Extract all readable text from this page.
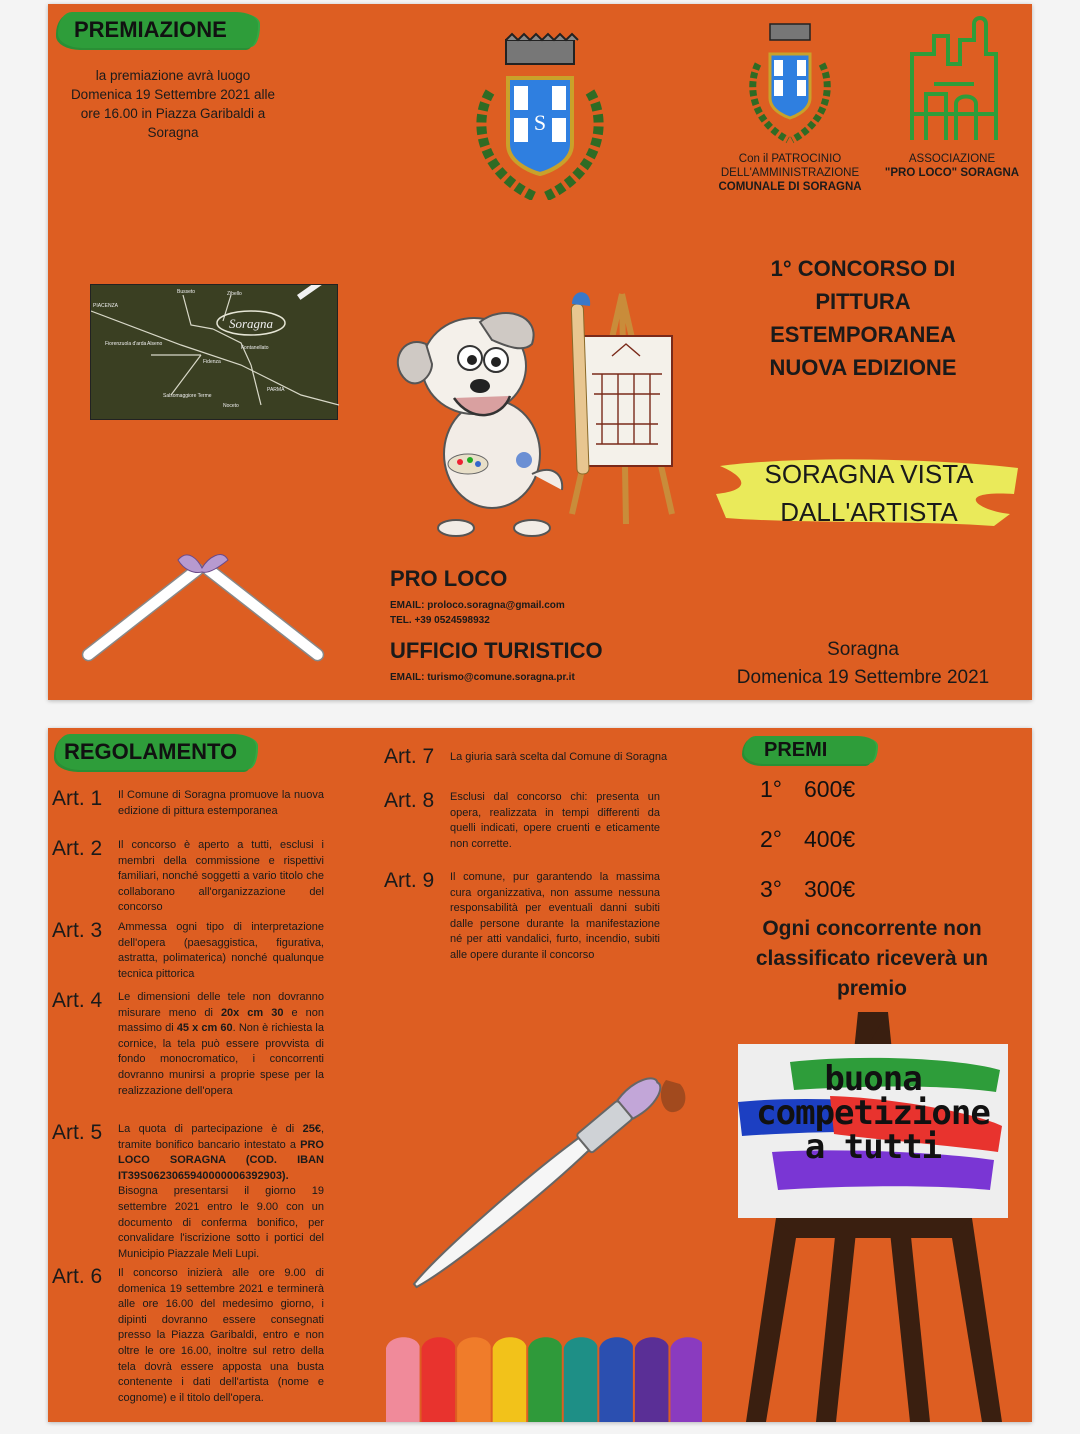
PREMIAZIONE
la premiazione avrà luogo
Domenica 19 Settembre 2021 alle
ore 16.00 in Piazza Garibaldi a
Soragna	S
Con il PATROCINIO
DELL'AMMINISTRAZIONE
COMUNALE DI SORAGNA
ASSOCIAZIONE
"PRO LOCO" SORAGNA
1° CONCORSO DI
PITTURA
ESTEMPORANEA
NUOVA EDIZIONE
Soragna
Busseto	Zibello
PIACENZA
Fiorenzuola d'arda Alseno
Fontanellato
Fidenza
Salsomaggiore Terme
Noceto
PARMA
SORAGNA VISTA
DALL'ARTISTA
PRO LOCO
EMAIL: proloco.soragna@gmail.com
TEL. +39 0524598932
UFFICIO TURISTICO
EMAIL: turismo@comune.soragna.pr.it
Soragna
Domenica 19 Settembre 2021
REGOLAMENTO
Art. 1	Il Comune di Soragna promuove la nuova edizione di pittura estemporanea
Art. 2	Il concorso è aperto a tutti, esclusi i membri della commissione e rispettivi familiari, nonché soggetti a vario titolo che collaborano all'organizzazione del concorso
Art. 3	Ammessa ogni tipo di interpretazione dell'opera (paesaggistica, figurativa, astratta, polimaterica) nonché qualunque tecnica pittorica
Art. 4	Le dimensioni delle tele non dovranno misurare meno di 20x cm 30 e non massimo di 45 x cm 60. Non è richiesta la cornice, la tela può essere provvista di fondo monocromatico, i concorrenti dovranno munirsi a proprie spese per la realizzazione dell'opera
Art. 5	La quota di partecipazione è di 25€, tramite bonifico bancario intestato a PRO LOCO SORAGNA (COD. IBAN IT39S0623065940000006392903). Bisogna presentarsi il giorno 19 settembre 2021 entro le 9.00 con un documento di conferma bonifico, per convalidare l'iscrizione sotto i portici del Municipio Piazzale Meli Lupi.
Art. 6	Il concorso inizierà alle ore 9.00 di domenica 19 settembre 2021 e terminerà alle ore 16.00 del medesimo giorno, i dipinti dovranno essere consegnati presso la Piazza Garibaldi, entro e non oltre le ore 16.00, inoltre sul retro della tela dovrà essere apposta una busta contenente i dati dell'artista (nome e cognome) e il titolo dell'opera.
Art. 7	La giuria sarà scelta dal Comune di Soragna
Art. 8	Esclusi dal concorso chi: presenta un opera, realizzata in tempi differenti da quelli indicati, opere cruenti e eticamente non corrette.
Art. 9	Il comune, pur garantendo la massima cura organizzativa, non assume nessuna responsabilità per eventuali danni subiti dalle persone durante la manifestazione né per atti vandalici, furto, incendio, subiti alle opere durante il concorso
PREMI
1° 600€
2° 400€
3° 300€
Ogni concorrente non
classificato riceverà un
premio
buona
competizione
a tutti
